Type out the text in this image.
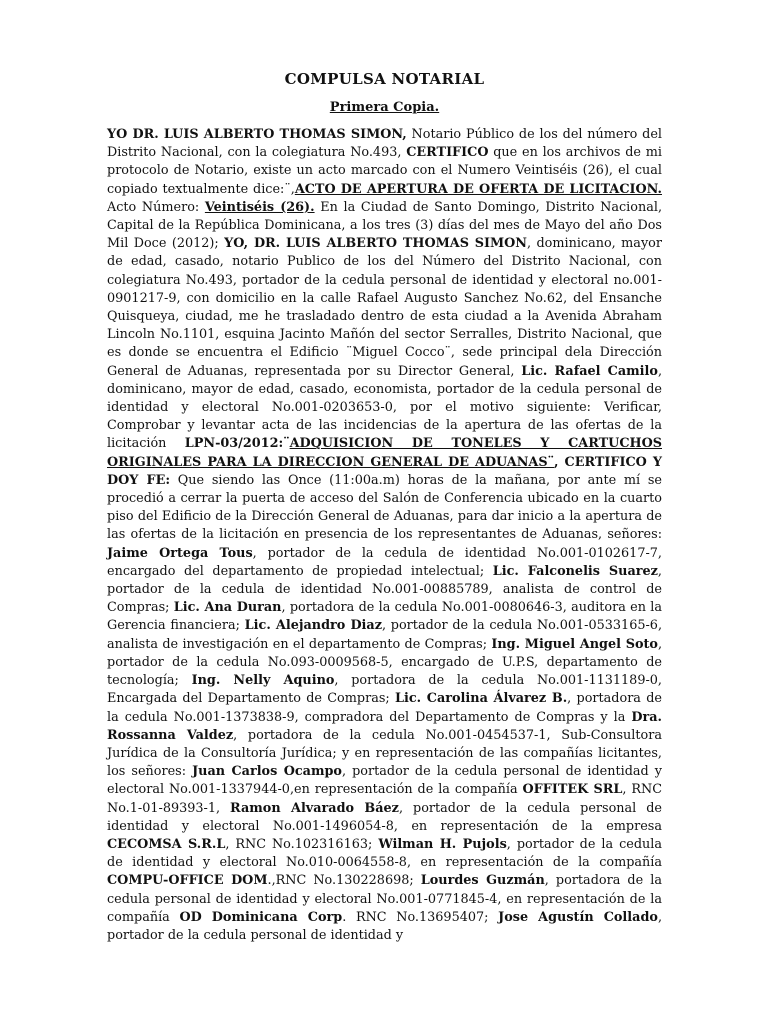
COMPULSA NOTARIAL
Primera Copia.
YO DR. LUIS ALBERTO THOMAS SIMON, Notario Público de los del número del Distrito Nacional, con la colegiatura No.493, CERTIFICO que en los archivos de mi protocolo de Notario, existe un acto marcado con el Numero Veintiséis (26), el cual copiado textualmente dice:¨,ACTO DE APERTURA DE OFERTA DE LICITACION. Acto Número: Veintiséis (26). En la Ciudad de Santo Domingo, Distrito Nacional, Capital de la República Dominicana, a los tres (3) días del mes de Mayo del año Dos Mil Doce (2012); YO, DR. LUIS ALBERTO THOMAS SIMON, dominicano, mayor de edad, casado, notario Publico de los del Número del Distrito Nacional, con colegiatura No.493, portador de la cedula personal de identidad y electoral no.001-0901217-9, con domicilio en la calle Rafael Augusto Sanchez No.62, del Ensanche Quisqueya, ciudad, me he trasladado dentro de esta ciudad a la Avenida Abraham Lincoln No.1101, esquina Jacinto Mañón del sector Serralles, Distrito Nacional, que es donde se encuentra el Edificio ¨Miguel Cocco¨, sede principal dela Dirección General de Aduanas, representada por su Director General, Lic. Rafael Camilo, dominicano, mayor de edad, casado, economista, portador de la cedula personal de identidad y electoral No.001-0203653-0, por el motivo siguiente: Verificar, Comprobar y levantar acta de las incidencias de la apertura de las ofertas de la licitación LPN-03/2012:¨ADQUISICION DE TONELES Y CARTUCHOS ORIGINALES PARA LA DIRECCION GENERAL DE ADUANAS¨, CERTIFICO Y DOY FE: Que siendo las Once (11:00a.m) horas de la mañana, por ante mí se procedió a cerrar la puerta de acceso del Salón de Conferencia ubicado en la cuarto piso del Edificio de la Dirección General de Aduanas, para dar inicio a la apertura de las ofertas de la licitación en presencia de los representantes de Aduanas, señores: Jaime Ortega Tous, portador de la cedula de identidad No.001-0102617-7, encargado del departamento de propiedad intelectual; Lic. Falconelis Suarez, portador de la cedula de identidad No.001-00885789, analista de control de Compras; Lic. Ana Duran, portadora de la cedula No.001-0080646-3, auditora en la Gerencia financiera; Lic. Alejandro Diaz, portador de la cedula No.001-0533165-6, analista de investigación en el departamento de Compras; Ing. Miguel Angel Soto, portador de la cedula No.093-0009568-5, encargado de U.P.S, departamento de tecnología; Ing. Nelly Aquino, portadora de la cedula No.001-1131189-0, Encargada del Departamento de Compras; Lic. Carolina Álvarez B., portadora de la cedula No.001-1373838-9, compradora del Departamento de Compras y la Dra. Rossanna Valdez, portadora de la cedula No.001-0454537-1, Sub-Consultora Jurídica de la Consultoría Jurídica; y en representación de las compañías licitantes, los señores: Juan Carlos Ocampo, portador de la cedula personal de identidad y electoral No.001-1337944-0,en representación de la compañía OFFITEK SRL, RNC No.1-01-89393-1, Ramon Alvarado Báez, portador de la cedula personal de identidad y electoral No.001-1496054-8, en representación de la empresa CECOMSA S.R.L, RNC No.102316163; Wilman H. Pujols, portador de la cedula de identidad y electoral No.010-0064558-8, en representación de la compañía COMPU-OFFICE DOM.,RNC No.130228698; Lourdes Guzmán, portadora de la cedula personal de identidad y electoral No.001-0771845-4, en representación de la compañía OD Dominicana Corp. RNC No.13695407; Jose Agustín Collado, portador de la cedula personal de identidad y
